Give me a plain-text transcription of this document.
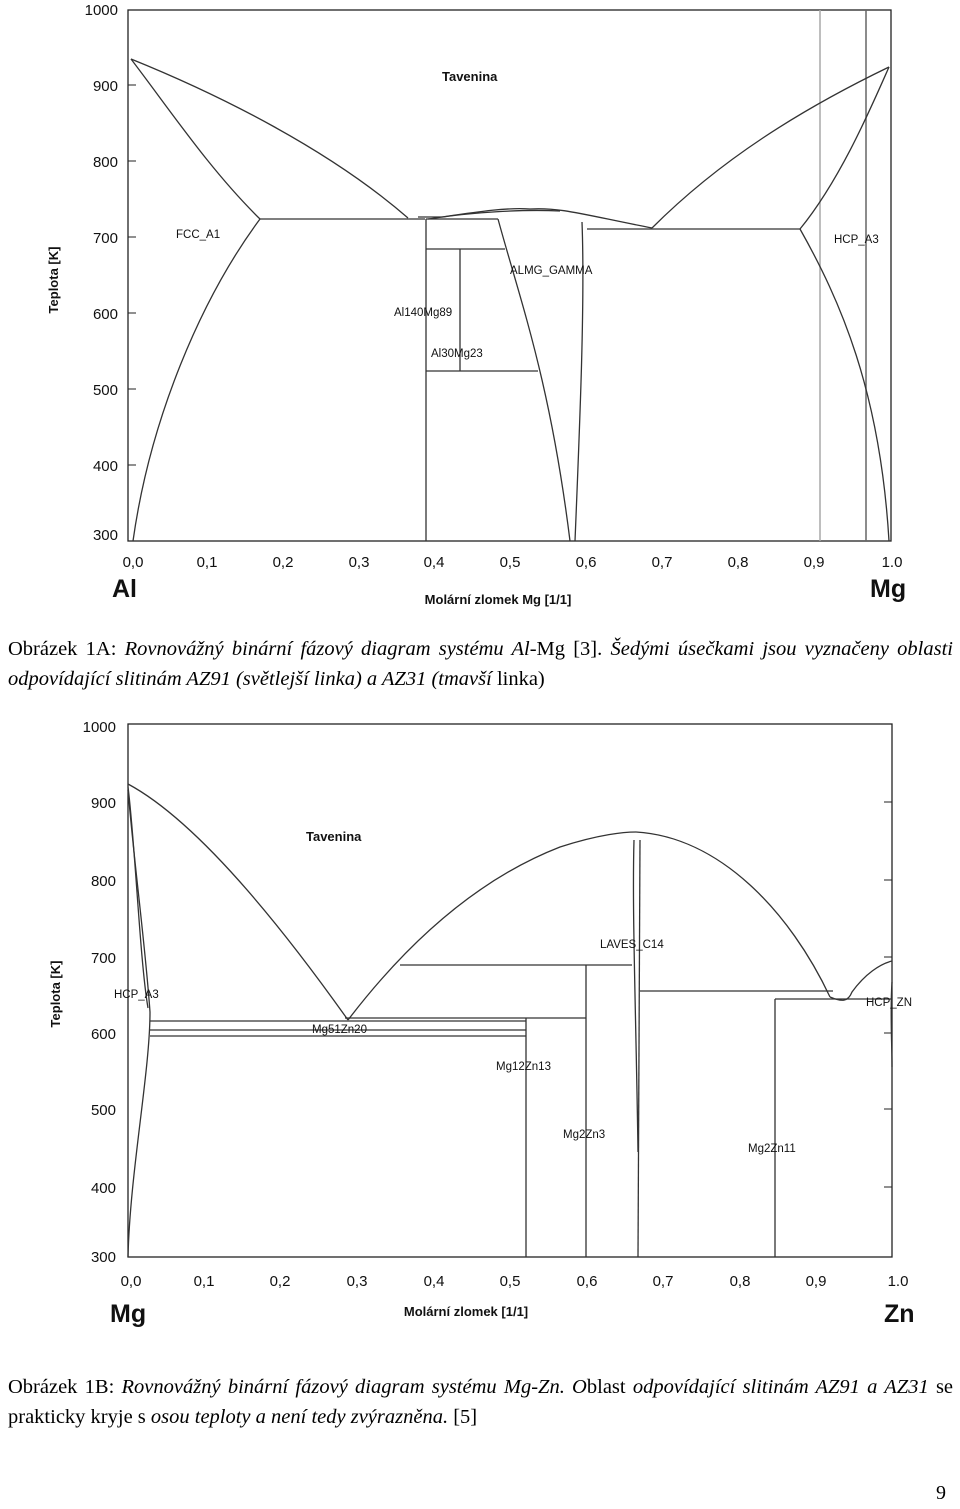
1000
900
800
700
600
500
400
300
0,0	0,1	0,2	0,3	0,4	0,5	0,6	0,7	0,8	0,9	1.0
Al	Mg
Molární zlomek Mg [1/1]
Teplota [K]
Tavenina
FCC_A1	HCP_A3
ALMG_GAMMA
Al140Mg89
Al30Mg23
Obrázek 1A: Rovnovážný binární fázový diagram systému Al-Mg [3]. Šedými úsečkami jsou vyznačeny oblasti odpovídající slitinám AZ91 (světlejší linka) a AZ31 (tmavší linka)
1000
900
800
700
600
500
400
300
0,0	0,1	0,2	0,3	0,4	0,5	0,6	0,7	0,8	0,9	1.0
Mg	Zn
Molární zlomek [1/1]
Teplota [K]
Tavenina
HCP_A3
Mg51Zn20
Mg12Zn13
LAVES_C14
Mg2Zn3
Mg2Zn11
HCP_ZN
Obrázek 1B: Rovnovážný binární fázový diagram systému Mg-Zn. Oblast odpovídající slitinám AZ91 a AZ31 se prakticky kryje s osou teploty a není tedy zvýrazněna. [5]
9
